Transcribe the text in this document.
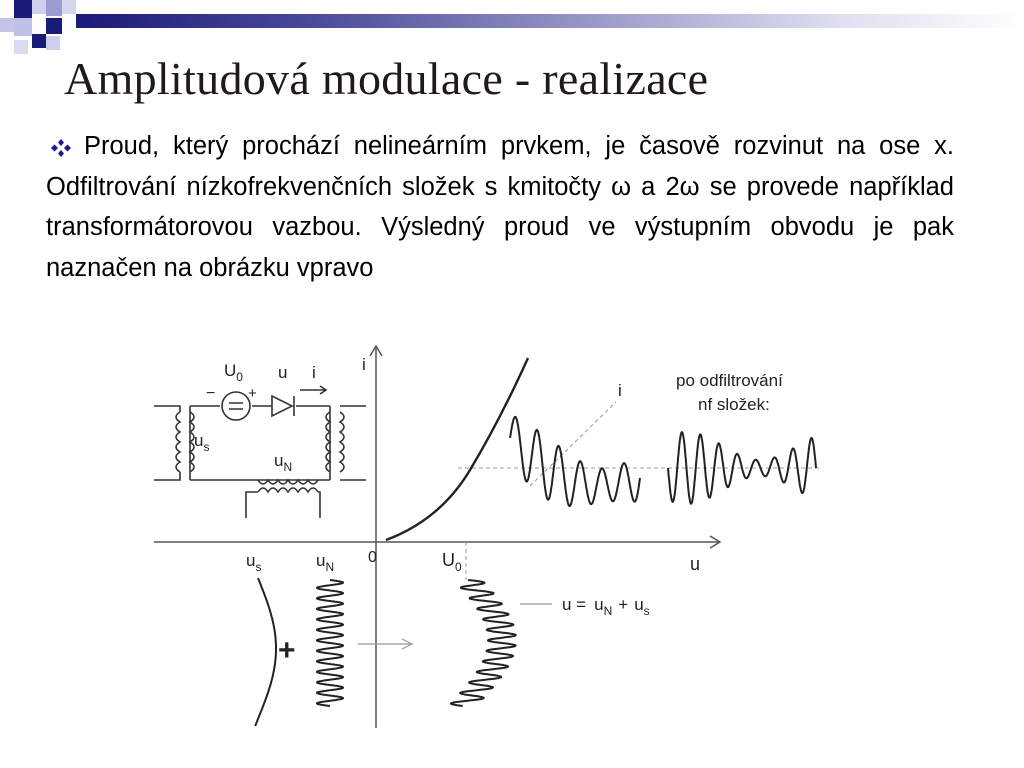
Amplitudová modulace - realizace

Proud, který prochází nelineárním prvkem, je časově rozvinut na ose x. Odfiltrování nízkofrekvenčních složek s kmitočty ω a 2ω se provede například transformátorovou vazbou. Výsledný proud ve výstupním obvodu je pak naznačen na obrázku vpravo

$U_0$ u i
− +
$u_s$
$u_N$
i
u
0	$U_0$
i
po odfiltrování
nf složek:
$u_s$	$u_N$
+
$u = u_N + u_s$
